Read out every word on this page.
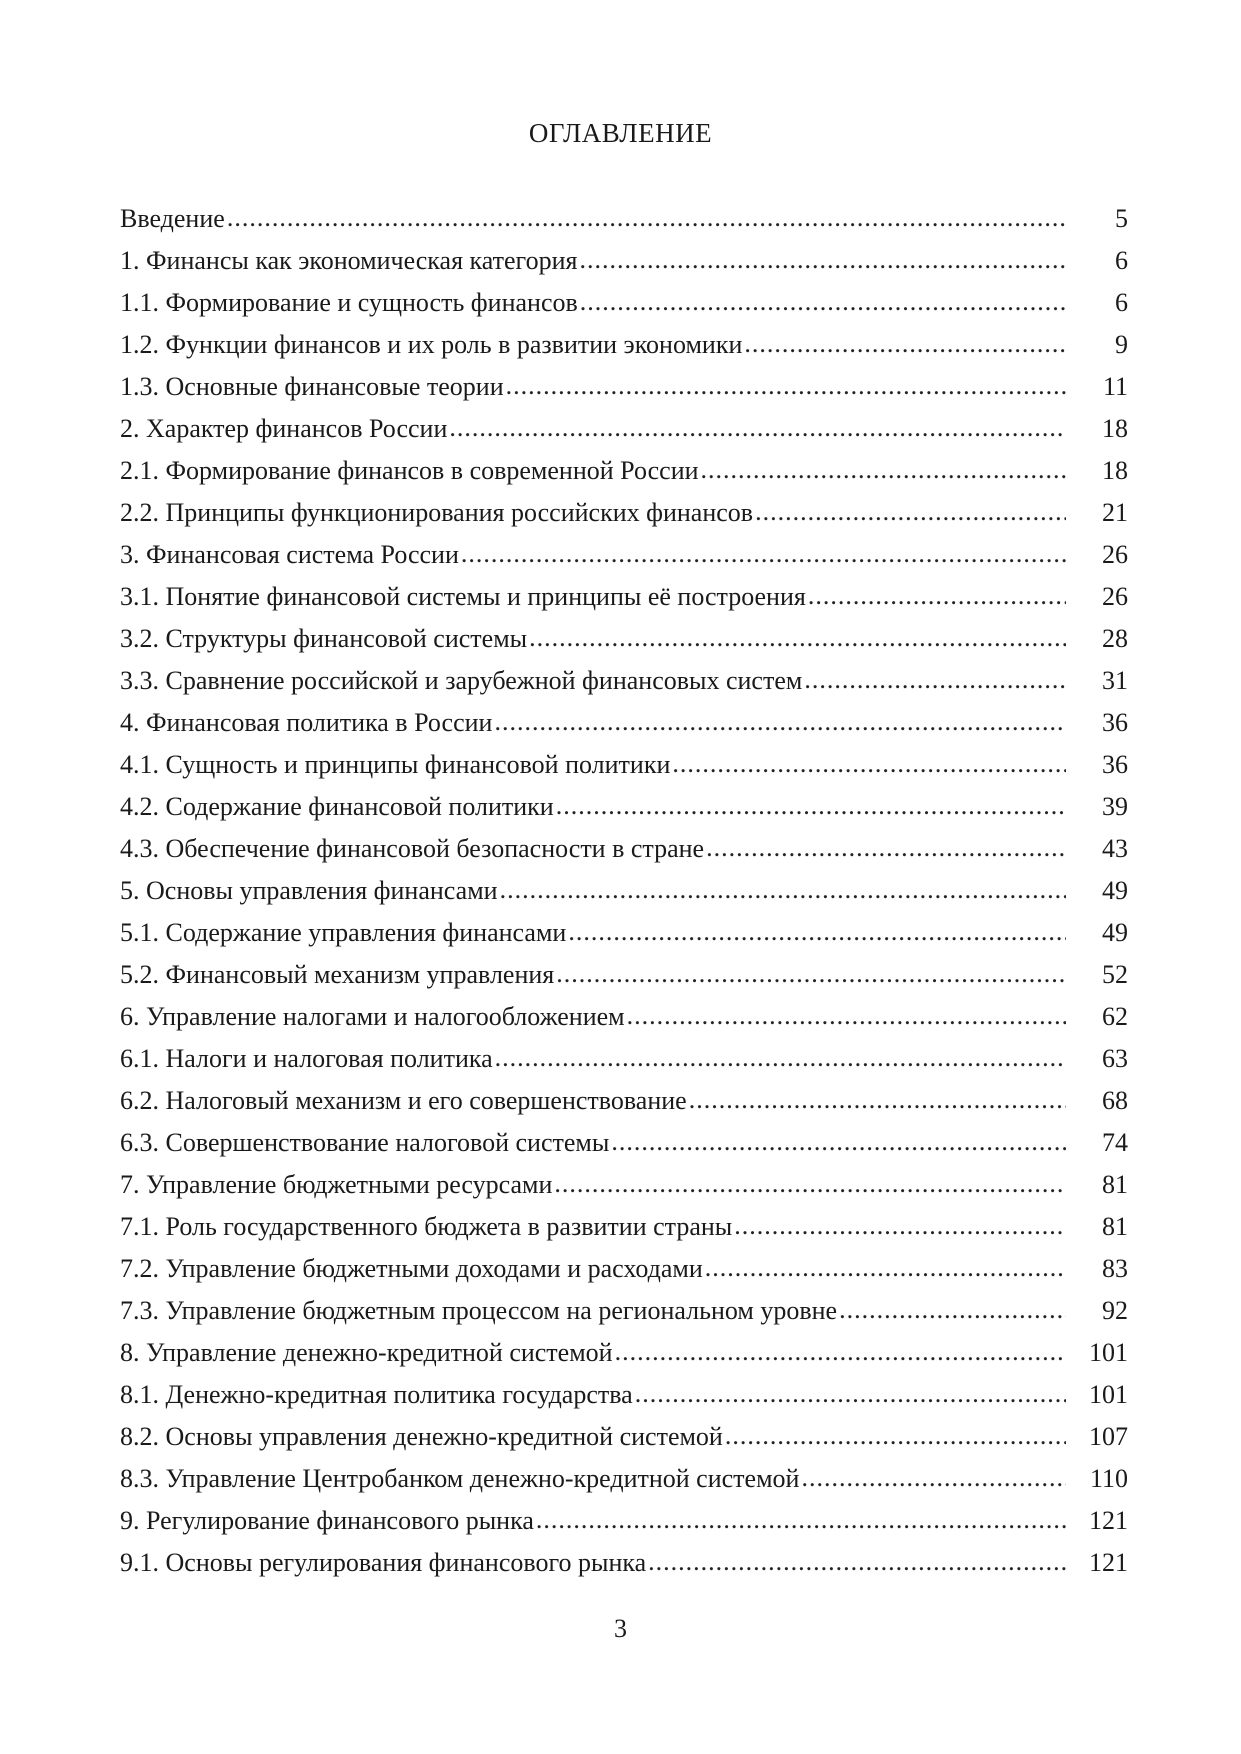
ОГЛАВЛЕНИЕ
Введение .....	5
1. Финансы как экономическая категория .....	6
1.1. Формирование и сущность финансов .....	6
1.2. Функции финансов и их роль в развитии экономики .....	9
1.3. Основные финансовые теории .....	11
2. Характер финансов России .....	18
2.1. Формирование финансов в современной России .....	18
2.2. Принципы функционирования российских финансов .....	21
3. Финансовая система России .....	26
3.1. Понятие финансовой системы и принципы её построения .....	26
3.2. Структуры финансовой системы .....	28
3.3. Сравнение российской и зарубежной финансовых систем .....	31
4. Финансовая политика в России .....	36
4.1. Сущность и принципы финансовой политики .....	36
4.2. Содержание финансовой политики .....	39
4.3. Обеспечение финансовой безопасности в стране .....	43
5. Основы управления финансами .....	49
5.1. Содержание управления финансами .....	49
5.2. Финансовый механизм управления .....	52
6. Управление налогами и налогообложением .....	62
6.1. Налоги и налоговая политика .....	63
6.2. Налоговый механизм и его совершенствование .....	68
6.3. Совершенствование налоговой системы .....	74
7. Управление бюджетными ресурсами .....	81
7.1. Роль государственного бюджета в развитии страны .....	81
7.2. Управление бюджетными доходами и расходами .....	83
7.3. Управление бюджетным процессом на региональном уровне .....	92
8. Управление денежно-кредитной системой .....	101
8.1. Денежно-кредитная политика государства .....	101
8.2. Основы управления денежно-кредитной системой .....	107
8.3. Управление Центробанком денежно-кредитной системой .....	110
9. Регулирование финансового рынка .....	121
9.1. Основы регулирования финансового рынка .....	121
3
